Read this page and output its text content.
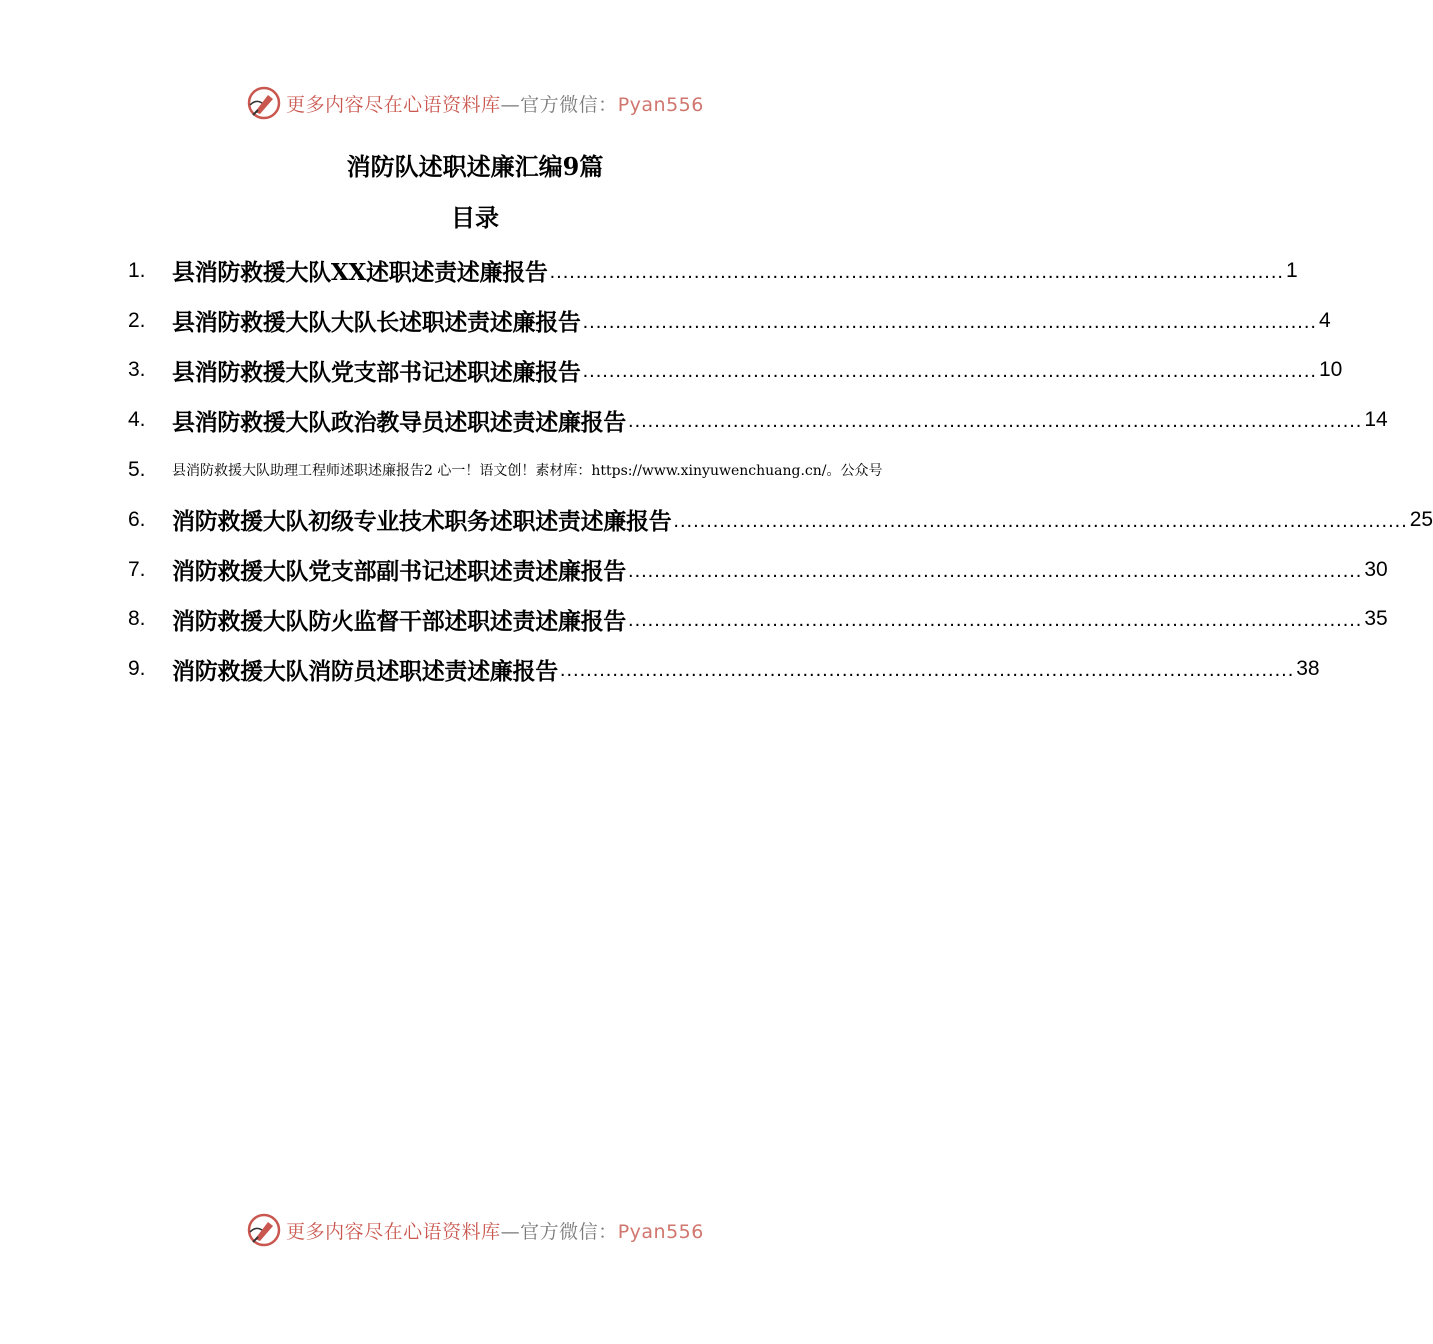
更多内容尽在心语资料库—官方微信：Pyan556
消防队述职述廉汇编9篇
目录
1.	县消防救援大队XX述职述责述廉报告 ................................................................................................................ 1
2.	县消防救援大队大队长述职述责述廉报告 ................................................................................................................ 4
3.	县消防救援大队党支部书记述职述廉报告 ................................................................................................................ 10
4.	县消防救援大队政治教导员述职述责述廉报告 ................................................................................................................ 14
5.	县消防救援大队助理工程师述职述廉报告2 心一！语文创！素材库：https://www.xinyuwenchuang.cn/。公众号
6.	消防救援大队初级专业技术职务述职述责述廉报告 ................................................................................................................ 25
7.	消防救援大队党支部副书记述职述责述廉报告 ................................................................................................................ 30
8.	消防救援大队防火监督干部述职述责述廉报告 ................................................................................................................ 35
9.	消防救援大队消防员述职述责述廉报告 ................................................................................................................ 38
更多内容尽在心语资料库—官方微信：Pyan556
